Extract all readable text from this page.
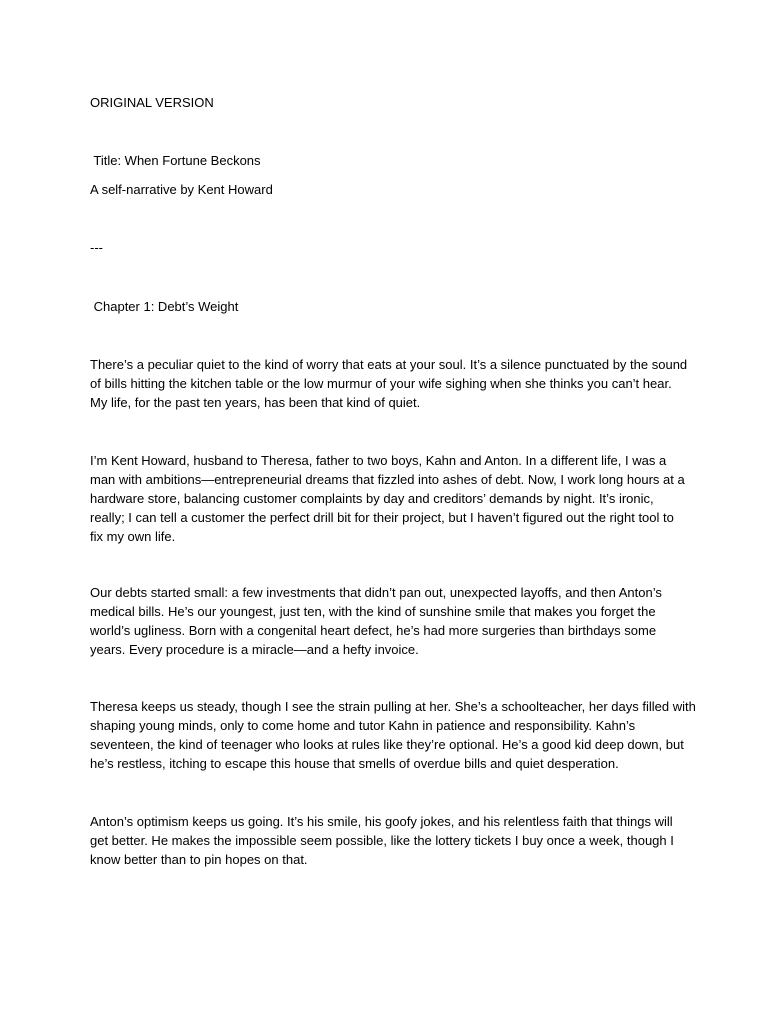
ORIGINAL VERSION

Title: When Fortune Beckons

A self-narrative by Kent Howard

---

Chapter 1: Debt’s Weight

There’s a peculiar quiet to the kind of worry that eats at your soul. It’s a silence punctuated by the sound
of bills hitting the kitchen table or the low murmur of your wife sighing when she thinks you can’t hear.
My life, for the past ten years, has been that kind of quiet.
I’m Kent Howard, husband to Theresa, father to two boys, Kahn and Anton. In a different life, I was a
man with ambitions—entrepreneurial dreams that fizzled into ashes of debt. Now, I work long hours at a
hardware store, balancing customer complaints by day and creditors’ demands by night. It’s ironic,
really; I can tell a customer the perfect drill bit for their project, but I haven’t figured out the right tool to
fix my own life.
Our debts started small: a few investments that didn’t pan out, unexpected layoffs, and then Anton’s
medical bills. He’s our youngest, just ten, with the kind of sunshine smile that makes you forget the
world’s ugliness. Born with a congenital heart defect, he’s had more surgeries than birthdays some
years. Every procedure is a miracle—and a hefty invoice.
Theresa keeps us steady, though I see the strain pulling at her. She’s a schoolteacher, her days filled with
shaping young minds, only to come home and tutor Kahn in patience and responsibility. Kahn’s
seventeen, the kind of teenager who looks at rules like they’re optional. He’s a good kid deep down, but
he’s restless, itching to escape this house that smells of overdue bills and quiet desperation.
Anton’s optimism keeps us going. It’s his smile, his goofy jokes, and his relentless faith that things will
get better. He makes the impossible seem possible, like the lottery tickets I buy once a week, though I
know better than to pin hopes on that.
